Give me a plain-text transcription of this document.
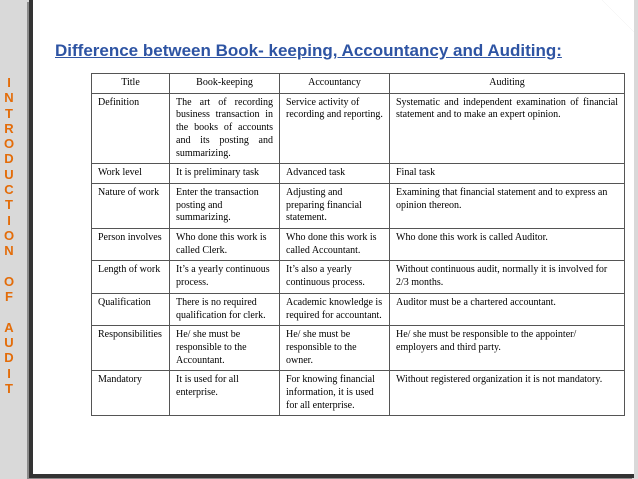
I
N
T
R
O
D
U
C
T
I
O
N
O
F
A
U
D
I
T
Difference between Book- keeping, Accountancy and Auditing:
Title	Book-keeping	Accountancy	Auditing
Definition	The art of recording business transaction in the books of accounts and its posting and summarizing.	Service activity of recording and reporting.	Systematic and independent examination of financial statement and to make an expert opinion.
Work level	It is preliminary task	Advanced task	Final task
Nature of work	Enter the transaction posting and summarizing.	Adjusting and preparing financial statement.	Examining that financial statement and to express an opinion thereon.
Person involves	Who done this work is called Clerk.	Who done this work is called Accountant.	Who done this work is called Auditor.
Length of work	It’s a yearly continuous process.	It’s also a yearly continuous process.	Without continuous audit, normally it is involved for 2/3 months.
Qualification	There is no required qualification for clerk.	Academic knowledge is required for accountant.	Auditor must be a chartered accountant.
Responsibilities	He/ she must be responsible to the Accountant.	He/ she must be responsible to the owner.	He/ she must be responsible to the appointer/ employers and third party.
Mandatory	It is used for all enterprise.	For knowing financial information, it is used for all enterprise.	Without registered organization it is not mandatory.
